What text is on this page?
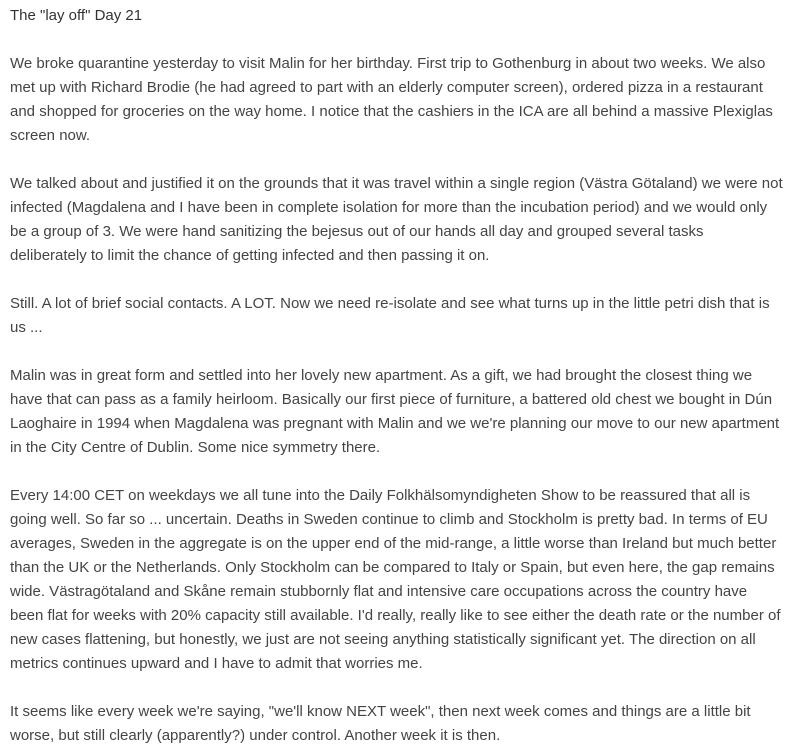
The "lay off" Day 21

We broke quarantine yesterday to visit Malin for her birthday. First trip to Gothenburg in about two weeks. We also met up with Richard Brodie (he had agreed to part with an elderly computer screen), ordered pizza in a restaurant and shopped for groceries on the way home. I notice that the cashiers in the ICA are all behind a massive Plexiglas screen now.

We talked about and justified it on the grounds that it was travel within a single region (Västra Götaland) we were not infected (Magdalena and I have been in complete isolation for more than the incubation period) and we would only be a group of 3. We were hand sanitizing the bejesus out of our hands all day and grouped several tasks deliberately to limit the chance of getting infected and then passing it on.

Still. A lot of brief social contacts. A LOT. Now we need re-isolate and see what turns up in the little petri dish that is us ...

Malin was in great form and settled into her lovely new apartment. As a gift, we had brought the closest thing we have that can pass as a family heirloom. Basically our first piece of furniture, a battered old chest we bought in Dún Laoghaire in 1994 when Magdalena was pregnant with Malin and we we're planning our move to our new apartment in the City Centre of Dublin. Some nice symmetry there.

Every 14:00 CET on weekdays we all tune into the Daily Folkhälsomyndigheten Show to be reassured that all is going well. So far so ... uncertain. Deaths in Sweden continue to climb and Stockholm is pretty bad. In terms of EU averages, Sweden in the aggregate is on the upper end of the mid-range, a little worse than Ireland but much better than the UK or the Netherlands. Only Stockholm can be compared to Italy or Spain, but even here, the gap remains wide. Västragötaland and Skåne remain stubbornly flat and intensive care occupations across the country have been flat for weeks with 20% capacity still available. I'd really, really like to see either the death rate or the number of new cases flattening, but honestly, we just are not seeing anything statistically significant yet. The direction on all metrics continues upward and I have to admit that worries me.

It seems like every week we're saying, "we'll know NEXT week", then next week comes and things are a little bit worse, but still clearly (apparently?) under control. Another week it is then.
